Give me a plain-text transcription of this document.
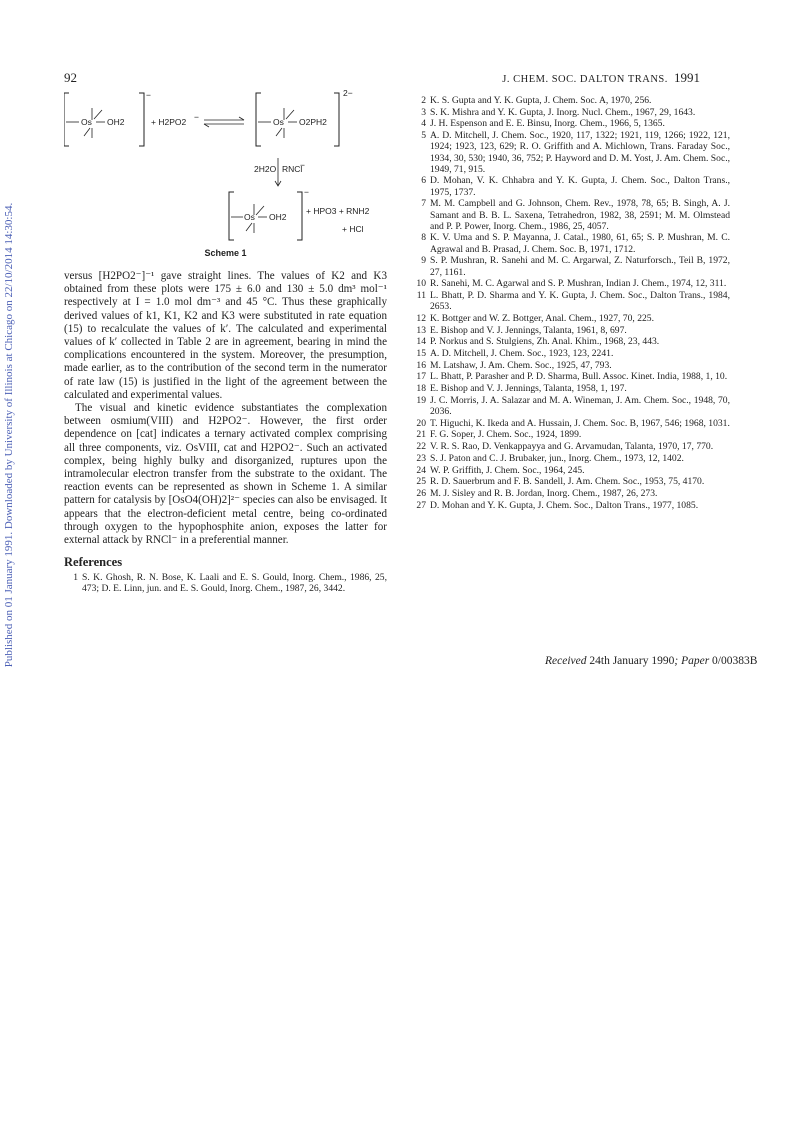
Published on 01 January 1991. Downloaded by University of Illinois at Chicago on 22/10/2014 14:30:54.
92	J. CHEM. SOC. DALTON TRANS. 1991
Os OH2
−
+ H2PO2 −	Os O2PH2
2−
2H2O RNCl
−
Os OH2
−
+ HPO3 + RNH2
+ HCl
Scheme 1

versus [H2PO2⁻]⁻¹ gave straight lines. The values of K2 and K3 obtained from these plots were 175 ± 6.0 and 130 ± 5.0 dm³ mol⁻¹ respectively at I = 1.0 mol dm⁻³ and 45 °C. Thus these graphically derived values of k1, K1, K2 and K3 were substituted in rate equation (15) to recalculate the values of k′. The calculated and experimental values of k′ collected in Table 2 are in agreement, bearing in mind the complications encountered in the system. Moreover, the presumption, made earlier, as to the contribution of the second term in the numerator of rate law (15) is justified in the light of the agreement between the calculated and experimental values.

The visual and kinetic evidence substantiates the complexation between osmium(VIII) and H2PO2⁻. However, the first order dependence on [cat] indicates a ternary activated complex comprising all three components, viz. OsVIII, cat and H2PO2⁻. Such an activated complex, being highly bulky and disorganized, ruptures upon the intramolecular electron transfer from the substrate to the oxidant. The reaction events can be represented as shown in Scheme 1. A similar pattern for catalysis by [OsO4(OH)2]²⁻ species can also be envisaged. It appears that the electron-deficient metal centre, being co-ordinated through oxygen to the hypophosphite anion, exposes the latter for external attack by RNCl⁻ in a preferential manner.

References

1 S. K. Ghosh, R. N. Bose, K. Laali and E. S. Gould, Inorg. Chem., 1986, 25, 473; D. E. Linn, jun. and E. S. Gould, Inorg. Chem., 1987, 26, 3442.

2 K. S. Gupta and Y. K. Gupta, J. Chem. Soc. A, 1970, 256.

3 S. K. Mishra and Y. K. Gupta, J. Inorg. Nucl. Chem., 1967, 29, 1643.

4 J. H. Espenson and E. E. Binsu, Inorg. Chem., 1966, 5, 1365.

5 A. D. Mitchell, J. Chem. Soc., 1920, 117, 1322; 1921, 119, 1266; 1922, 121, 1924; 1923, 123, 629; R. O. Griffith and A. Michlown, Trans. Faraday Soc., 1934, 30, 530; 1940, 36, 752; P. Hayword and D. M. Yost, J. Am. Chem. Soc., 1949, 71, 915.

6 D. Mohan, V. K. Chhabra and Y. K. Gupta, J. Chem. Soc., Dalton Trans., 1975, 1737.

7 M. M. Campbell and G. Johnson, Chem. Rev., 1978, 78, 65; B. Singh, A. J. Samant and B. B. L. Saxena, Tetrahedron, 1982, 38, 2591; M. M. Olmstead and P. P. Power, Inorg. Chem., 1986, 25, 4057.

8 K. V. Uma and S. P. Mayanna, J. Catal., 1980, 61, 65; S. P. Mushran, M. C. Agrawal and B. Prasad, J. Chem. Soc. B, 1971, 1712.

9 S. P. Mushran, R. Sanehi and M. C. Argarwal, Z. Naturforsch., Teil B, 1972, 27, 1161.

10 R. Sanehi, M. C. Agarwal and S. P. Mushran, Indian J. Chem., 1974, 12, 311.

11 L. Bhatt, P. D. Sharma and Y. K. Gupta, J. Chem. Soc., Dalton Trans., 1984, 2653.

12 K. Bottger and W. Z. Bottger, Anal. Chem., 1927, 70, 225.

13 E. Bishop and V. J. Jennings, Talanta, 1961, 8, 697.

14 P. Norkus and S. Stulgiens, Zh. Anal. Khim., 1968, 23, 443.

15 A. D. Mitchell, J. Chem. Soc., 1923, 123, 2241.

16 M. Latshaw, J. Am. Chem. Soc., 1925, 47, 793.

17 L. Bhatt, P. Parasher and P. D. Sharma, Bull. Assoc. Kinet. India, 1988, 1, 10.

18 E. Bishop and V. J. Jennings, Talanta, 1958, 1, 197.

19 J. C. Morris, J. A. Salazar and M. A. Wineman, J. Am. Chem. Soc., 1948, 70, 2036.

20 T. Higuchi, K. Ikeda and A. Hussain, J. Chem. Soc. B, 1967, 546; 1968, 1031.

21 F. G. Soper, J. Chem. Soc., 1924, 1899.

22 V. R. S. Rao, D. Venkappayya and G. Arvamudan, Talanta, 1970, 17, 770.

23 S. J. Paton and C. J. Brubaker, jun., Inorg. Chem., 1973, 12, 1402.

24 W. P. Griffith, J. Chem. Soc., 1964, 245.

25 R. D. Sauerbrum and F. B. Sandell, J. Am. Chem. Soc., 1953, 75, 4170.

26 M. J. Sisley and R. B. Jordan, Inorg. Chem., 1987, 26, 273.

27 D. Mohan and Y. K. Gupta, J. Chem. Soc., Dalton Trans., 1977, 1085.

Received 24th January 1990; Paper 0/00383B
